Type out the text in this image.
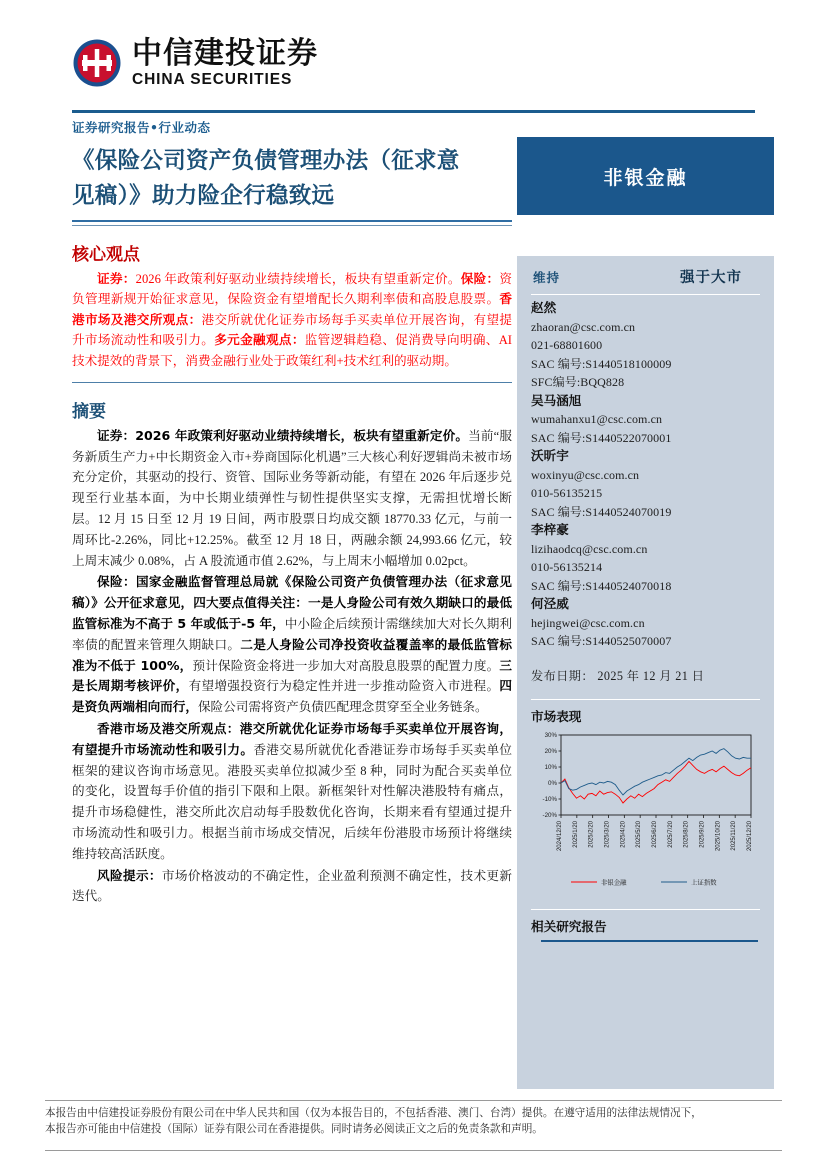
中信建投证券
CHINA SECURITIES
证券研究报告•行业动态
《保险公司资产负债管理办法（征求意
见稿）》助力险企行稳致远
核心观点
证券：2026 年政策利好驱动业绩持续增长，板块有望重新定价。保险：资负管理新规开始征求意见，保险资金有望增配长久期利率债和高股息股票。香港市场及港交所观点：港交所就优化证券市场每手买卖单位开展咨询，有望提升市场流动性和吸引力。多元金融观点：监管逻辑趋稳、促消费导向明确、AI 技术提效的背景下，消费金融行业处于政策红利+技术红利的驱动期。
摘要
证券：2026 年政策利好驱动业绩持续增长，板块有望重新定价。当前“服务新质生产力+中长期资金入市+券商国际化机遇”三大核心利好逻辑尚未被市场充分定价，其驱动的投行、资管、国际业务等新动能，有望在 2026 年后逐步兑现至行业基本面，为中长期业绩弹性与韧性提供坚实支撑，无需担忧增长断层。12 月 15 日至 12 月 19 日间，两市股票日均成交额 18770.33 亿元，与前一周环比-2.26%，同比+12.25%。截至 12 月 18 日，两融余额 24,993.66 亿元，较上周末减少 0.08%，占 A 股流通市值 2.62%，与上周末小幅增加 0.02pct。
保险：国家金融监督管理总局就《保险公司资产负债管理办法（征求意见稿）》公开征求意见，四大要点值得关注：一是人身险公司有效久期缺口的最低监管标准为不高于 5 年或低于-5 年，中小险企后续预计需继续加大对长久期利率债的配置来管理久期缺口。二是人身险公司净投资收益覆盖率的最低监管标准为不低于 100%，预计保险资金将进一步加大对高股息股票的配置力度。三是长周期考核评价，有望增强投资行为稳定性并进一步推动险资入市进程。四是资负两端相向而行，保险公司需将资产负债匹配理念贯穿至全业务链条。
香港市场及港交所观点：港交所就优化证券市场每手买卖单位开展咨询，有望提升市场流动性和吸引力。香港交易所就优化香港证券市场每手买卖单位框架的建议咨询市场意见。港股买卖单位拟减少至 8 种，同时为配合买卖单位的变化，设置每手价值的指引下限和上限。新框架针对性解决港股特有痛点，提升市场稳健性，港交所此次启动每手股数优化咨询，长期来看有望通过提升市场流动性和吸引力。根据当前市场成交情况，后续年份港股市场预计将继续维持较高活跃度。
风险提示：市场价格波动的不确定性，企业盈利预测不确定性，技术更新迭代。
非银金融
维持	强于大市
赵然
zhaoran@csc.com.cn
021-68801600
SAC 编号:S1440518100009
SFC编号:BQQ828
吴马涵旭
wumahanxu1@csc.com.cn
SAC 编号:S1440522070001
沃昕宇
woxinyu@csc.com.cn
010-56135215
SAC 编号:S1440524070019
李梓豪
lizihaodcq@csc.com.cn
010-56135214
SAC 编号:S1440524070018
何泾威
hejingwei@csc.com.cn
SAC 编号:S1440525070007
发布日期： 2025 年 12 月 21 日
市场表现
-20%
-10%
0%
10%
20%
30%
2024/12/20 2025/1/20 2025/2/20 2025/3/20 2025/4/20 2025/5/20 2025/6/20 2025/7/20 2025/8/20 2025/9/20 2025/10/20 2025/11/20 2025/12/20
非银金融	上证指数
相关研究报告
本报告由中信建投证券股份有限公司在中华人民共和国（仅为本报告目的，不包括香港、澳门、台湾）提供。在遵守适用的法律法规情况下，
本报告亦可能由中信建投（国际）证券有限公司在香港提供。同时请务必阅读正文之后的免责条款和声明。
